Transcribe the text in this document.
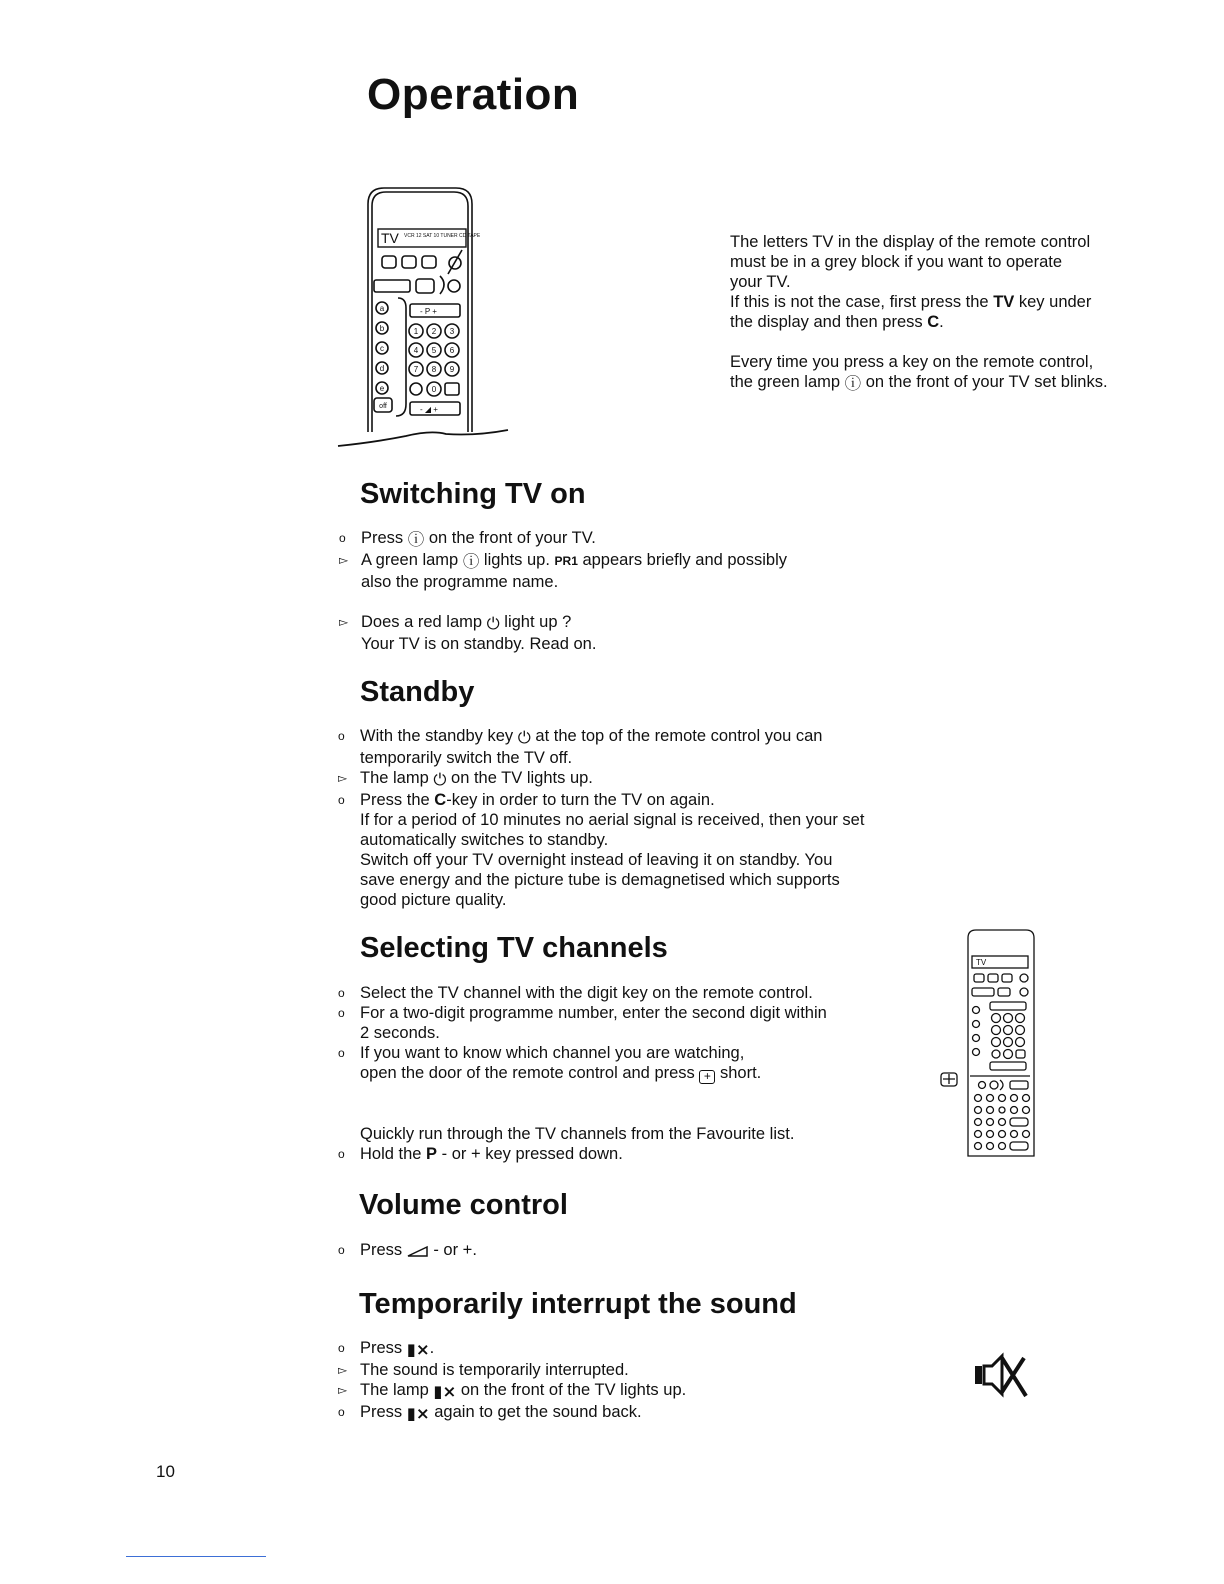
Operation
TV VCR 12 SAT 10 TUNER CD TAPE
- P +
- ◢ +
1 2 3
4 5 6
7 8 9
0
a
b
c
d
e
off
The letters TV in the display of the remote control
must be in a grey block if you want to operate
your TV.
If this is not the case, first press the TV key under
the display and then press C.
Every time you press a key on the remote control,
the green lamp ⓘ on the front of your TV set blinks.
Switching TV on
o Press ⓘ on the front of your TV.
▻ A green lamp ⓘ lights up. PR1 appears briefly and possibly
also the programme name.
▻ Does a red lamp ⏻ light up ?
Your TV is on standby. Read on.
Standby
o With the standby key ⏻ at the top of the remote control you can
temporarily switch the TV off.
▻ The lamp ⏻ on the TV lights up.
o Press the C-key in order to turn the TV on again.
If for a period of 10 minutes no aerial signal is received, then your set
automatically switches to standby.
Switch off your TV overnight instead of leaving it on standby. You
save energy and the picture tube is demagnetised which supports
good picture quality.
Selecting TV channels
o Select the TV channel with the digit key on the remote control.
o For a two-digit programme number, enter the second digit within
2 seconds.
o If you want to know which channel you are watching,
open the door of the remote control and press + short.
Quickly run through the TV channels from the Favourite list.
o Hold the P - or + key pressed down.
TV
Volume control
o Press  - or +.
Temporarily interrupt the sound
o Press ▮⨯.
▻ The sound is temporarily interrupted.
▻ The lamp ▮⨯ on the front of the TV lights up.
o Press ▮⨯ again to get the sound back.
10
